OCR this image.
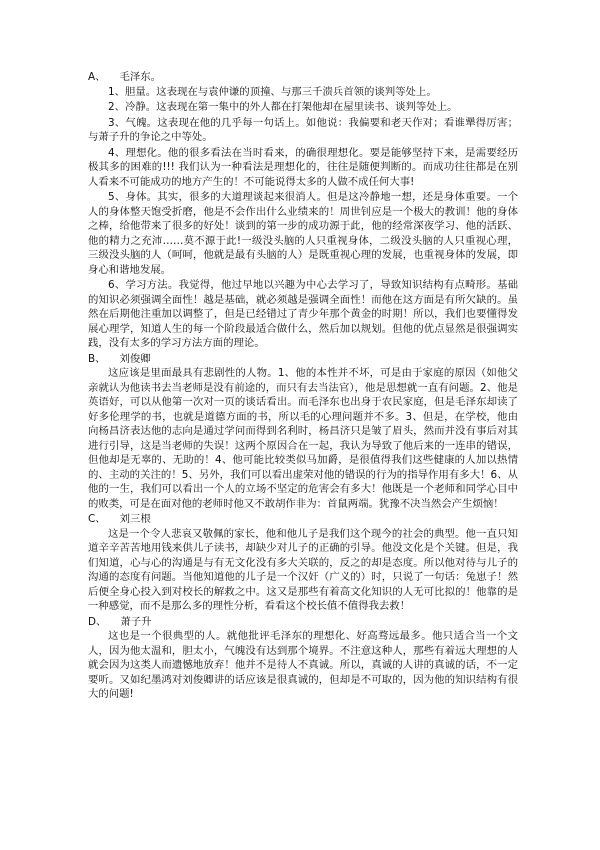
A、 毛泽东。

1、胆量。这表现在与袁仲谦的顶撞、与那三千溃兵首领的谈判等处上。

2、冷静。这表现在第一集中的外人都在打架他却在屋里读书、谈判等处上。

3、气魄。这表现在他的几乎每一句话上。如他说：我偏要和老天作对；看谁犟得厉害；与萧子升的争论之中等处。

4、理想化。他的很多看法在当时看来，的确很理想化。要是能够坚持下来，是需要经历极其多的困难的!!! 我们认为一种看法是理想化的，往往是随便判断的。而成功往往都是在别人看来不可能成功的地方产生的！不可能说得太多的人做不成任何大事!

5、身体。其实，很多的大道理谈起来很消人。但是这冷静地一想，还是身体重要。一个人的身体整天饱受折磨，他是不会作出什么业绩来的！周世钊应是一个极大的教训！他的身体之棒，给他带来了很多的好处！谈到的第一步的成功源于此，他的经常深夜学习、他的活跃、他的精力之充沛……莫不源于此!一级没头脑的人只重视身体，二级没头脑的人只重视心理，三级没头脑的人（呵呵，他就是最有头脑的人）是既重视心理的发展，也重视身体的发展，即身心和谐地发展。

6、学习方法。我觉得，他过早地以兴趣为中心去学习了，导致知识结构有点畸形。基础的知识必须强调全面性！越是基础，就必须越是强调全面性！而他在这方面是有所欠缺的。虽然在后期他注重加以调整了，但是已经错过了青少年那个黄金的时期！所以，我们也要懂得发展心理学，知道人生的每一个阶段最适合做什么，然后加以规划。但他的优点显然是很强调实践，没有太多的学习方法方面的理论。

B、 刘俊卿

这应该是里面最具有悲剧性的人物。1、他的本性并不坏，可是由于家庭的原因（如他父亲就认为他读书去当老师是没有前途的，而只有去当法官），他是思想就一直有问题。2、他是英语好，可以从他第一次对一页的谈话看出。而毛泽东也出身于农民家庭，但是毛泽东却读了好多伦理学的书，也就是道德方面的书，所以毛的心理问题并不多。3、但是，在学校，他由向杨昌济表达他的志向是通过学问而得到名利时，杨昌济只是皱了眉头，然而并没有事后对其进行引导，这是当老师的失误！这两个原因合在一起，我认为导致了他后来的一连串的错误，但他却是无辜的、无助的！4、他可能比较类似马加爵，是很值得我们这些健康的人加以热情的、主动的关注的！5、另外，我们可以看出虚荣对他的错误的行为的指导作用有多大！6、从他的一生，我们可以看出一个人的立场不坚定的危害会有多大！他既是一个老师和同学心目中的败类，可是在面对他的老师时他又不敢胡作非为：首鼠两端。犹豫不决当然会产生烦恼！

C、 刘三根

这是一个令人悲哀又敬佩的家长，他和他儿子是我们这个现今的社会的典型。他一直只知道辛辛苦苦地用钱来供儿子读书，却缺少对儿子的正确的引导。他没文化是个关键。但是，我们知道，心与心的沟通是与有无文化没有多大关联的，反之的却是态度。所以他对待与儿子的沟通的态度有问题。当他知道他的儿子是一个汉奸（广义的）时，只说了一句话：兔崽子！然后便全身心投入到对校长的解救之中。这又是那些有着高文化知识的人无可比拟的！他靠的是一种感觉，而不是那么多的理性分析，看看这个校长值不值得我去救！

D、 萧子升

这也是一个很典型的人。就他批评毛泽东的理想化、好高骛远最多。他只适合当一个文人，因为他太温和，胆太小，气魄没有达到那个境界。不注意这种人，那些有着远大理想的人就会因为这类人而遗憾地放弃！他并不是待人不真诚。所以，真诚的人讲的真诚的话，不一定要听。又如纪墨鸿对刘俊卿讲的话应该是很真诚的，但却是不可取的，因为他的知识结构有很大的问题!
